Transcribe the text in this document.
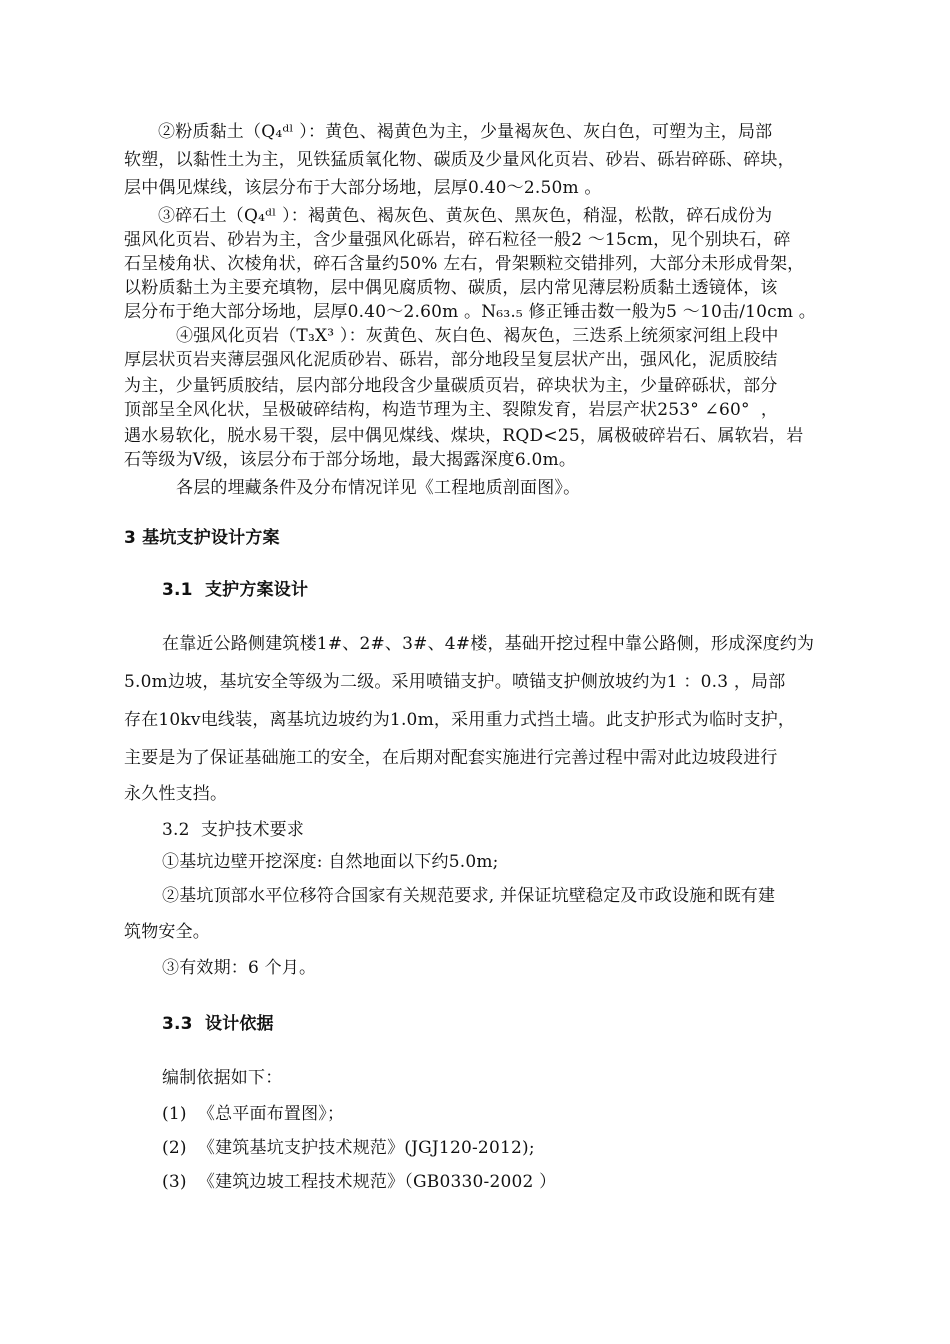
②粉质黏土（Q₄ᵈˡ ）：黄色、褐黄色为主，少量褐灰色、灰白色，可塑为主，局部
软塑，以黏性土为主，见铁猛质氧化物、碳质及少量风化页岩、砂岩、砾岩碎砾、碎块，
层中偶见煤线，该层分布于大部分场地，层厚0.40～2.50m 。
③碎石土（Q₄ᵈˡ ）：褐黄色、褐灰色、黄灰色、黑灰色，稍湿，松散，碎石成份为
强风化页岩、砂岩为主，含少量强风化砾岩，碎石粒径一般2 ～15cm，见个别块石，碎
石呈棱角状、次棱角状，碎石含量约50% 左右，骨架颗粒交错排列，大部分未形成骨架，
以粉质黏土为主要充填物，层中偶见腐质物、碳质，层内常见薄层粉质黏土透镜体，该
层分布于绝大部分场地，层厚0.40～2.60m 。N₆₃.₅ 修正锤击数一般为5 ～10击/10cm 。
④强风化页岩（T₃X³ ）：灰黄色、灰白色、褐灰色，三迭系上统须家河组上段中
厚层状页岩夹薄层强风化泥质砂岩、砾岩，部分地段呈复层状产出，强风化，泥质胶结
为主，少量钙质胶结，层内部分地段含少量碳质页岩，碎块状为主，少量碎砾状，部分
顶部呈全风化状，呈极破碎结构，构造节理为主、裂隙发育，岩层产状253° ∠60°  ，
遇水易软化，脱水易干裂，层中偶见煤线、煤块，RQD<25，属极破碎岩石、属软岩，岩
石等级为Ⅴ级，该层分布于部分场地，最大揭露深度6.0m。
各层的埋藏条件及分布情况详见《工程地质剖面图》。
3 基坑支护设计方案
3.1  支护方案设计
在靠近公路侧建筑楼1#、2#、3#、4#楼，基础开挖过程中靠公路侧，形成深度约为
5.0m边坡，基坑安全等级为二级。采用喷锚支护。喷锚支护侧放坡约为1 ：0.3 ，局部
存在10kv电线装，离基坑边坡约为1.0m，采用重力式挡土墙。此支护形式为临时支护，
主要是为了保证基础施工的安全，在后期对配套实施进行完善过程中需对此边坡段进行
永久性支挡。
3.2  支护技术要求
①基坑边壁开挖深度: 自然地面以下约5.0m;
②基坑顶部水平位移符合国家有关规范要求, 并保证坑壁稳定及市政设施和既有建
筑物安全。
③有效期：6 个月。
3.3  设计依据
编制依据如下：
(1)  《总平面布置图》；
(2)  《建筑基坑支护技术规范》(JGJ120-2012);
(3)  《建筑边坡工程技术规范》（GB0330-2002 ）
